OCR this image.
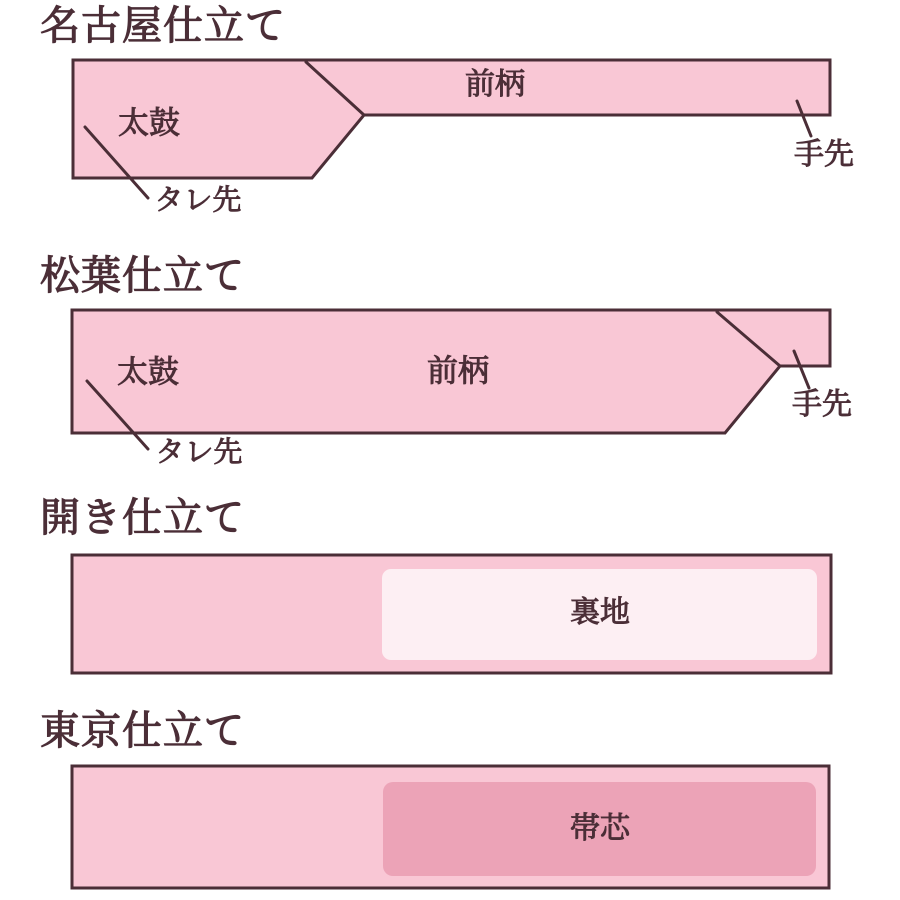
名古屋仕立て
太鼓
前柄
手先
タレ先
松葉仕立て
太鼓	前柄
手先
タレ先
開き仕立て
裏地
東京仕立て
帯芯
